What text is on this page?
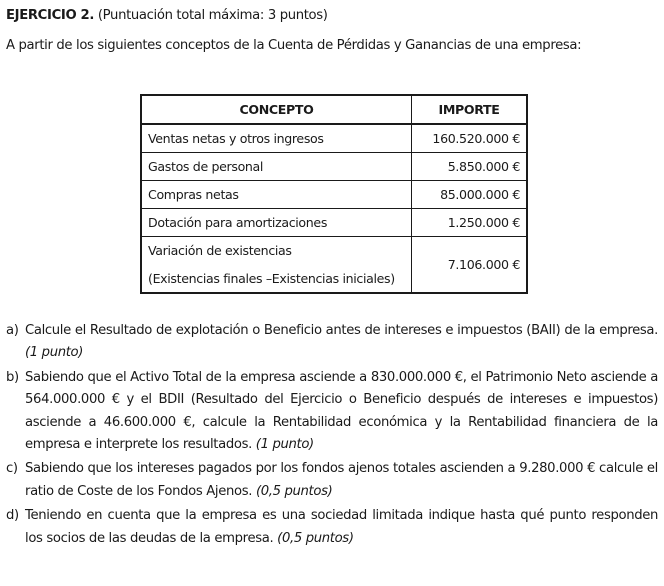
EJERCICIO 2. (Puntuación total máxima: 3 puntos)
A partir de los siguientes conceptos de la Cuenta de Pérdidas y Ganancias de una empresa:
CONCEPTO	IMPORTE
Ventas netas y otros ingresos	160.520.000 €
Gastos de personal	5.850.000 €
Compras netas	85.000.000 €
Dotación para amortizaciones	1.250.000 €
Variación de existencias
(Existencias finales –Existencias iniciales)	7.106.000 €
a) Calcule el Resultado de explotación o Beneficio antes de intereses e impuestos (BAII) de la empresa. (1 punto)
b) Sabiendo que el Activo Total de la empresa asciende a 830.000.000 €, el Patrimonio Neto asciende a 564.000.000 € y el BDII (Resultado del Ejercicio o Beneficio después de intereses e impuestos) asciende a 46.600.000 €, calcule la Rentabilidad económica y la Rentabilidad financiera de la empresa e interprete los resultados. (1 punto)
c) Sabiendo que los intereses pagados por los fondos ajenos totales ascienden a 9.280.000 € calcule el ratio de Coste de los Fondos Ajenos. (0,5 puntos)
d) Teniendo en cuenta que la empresa es una sociedad limitada indique hasta qué punto responden los socios de las deudas de la empresa. (0,5 puntos)
